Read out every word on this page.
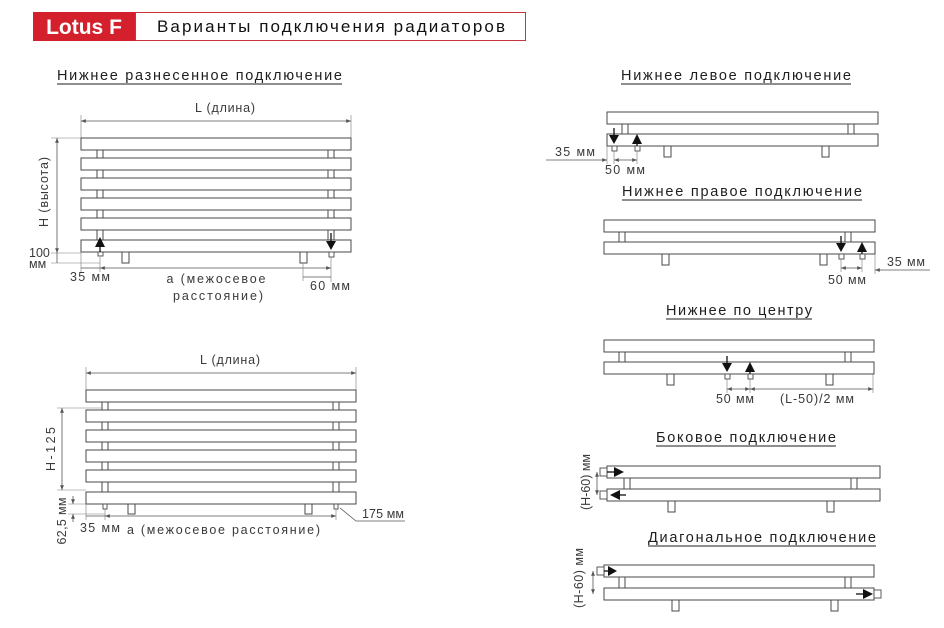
Lotus F Варианты подключения радиаторов
Нижнее разнесенное подключение
L (длина)
H (высота)
100
мм
35 мм	а (межосевое
расстояние)
60 мм
L (длина)
H-125
62,5 мм
35 мм а (межосевое расстояние)
175 мм
Нижнее левое подключение
35 мм
50 мм
Нижнее правое подключение
35 мм
50 мм
Нижнее по центру
50 мм (L-50)/2 мм
Боковое подключение
(H-60) мм
Диагональное подключение
(H-60) мм
